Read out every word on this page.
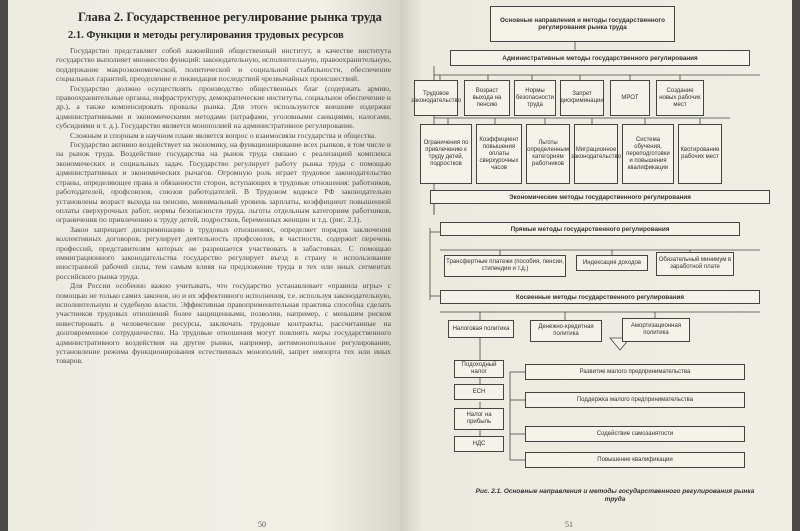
Глава 2. Государственное регулирование рынка труда
2.1. Функции и методы регулирования трудовых ресурсов

Государство представляет собой важнейший общественный институт, в качестве института государство выполняет множество функций: законодательную, исполнительную, правоохранительную, поддержание макроэкономической, политической и социальной стабильности, обеспечение социальных гарантий, преодоление и ликвидация последствий чрезвычайных происшествий.

Государство должно осуществлять производство общественных благ (содержать армию, правоохранительные органы, инфраструктуру, демократические институты, социальное обеспечение и др.), а также компенсировать провалы рынка. Для этого используются внешние издержки административными и экономическими методами (штрафами, уголовными санкциями, налогами, субсидиями и т. д.). Государство является монополией на административное регулирование.

Сложным и спорным в научном плане является вопрос о взаимосвязи государства и общества.

Государство активно воздействует на экономику, на функционирование всех рынков, в том числе и на рынок труда. Воздействие государства на рынок труда связано с реализацией комплекса экономических и социальных задач. Государство регулирует работу рынка труда с помощью административных и экономических рычагов. Огромную роль играет трудовое законодательство страны, определяющее права и обязанности сторон, вступающих в трудовые отношения: работников, работодателей, профсоюзов, союзов работодателей. В Трудовом кодексе РФ законодательно установлены возраст выхода на пенсию, минимальный уровень зарплаты, коэффициент повышенной оплаты сверхурочных работ, нормы безопасности труда, льготы отдельным категориям работников, ограничения по привлечению к труду детей, подростков, беременных женщин и т.д. (рис. 2.1).

Закон запрещает дискриминацию в трудовых отношениях, определяет порядок заключения коллективных договоров, регулирует деятельность профсоюзов, в частности, содержит перечень профессий, представителям которых не разрешается участвовать в забастовках. С помощью иммиграционного законодательства государство регулирует въезд в страну и использование иностранной рабочей силы, тем самым влияя на предложение труда в тех или иных сегментах российского рынка труда.

Для России особенно важно учитывать, что государство устанавливает «правила игры» с помощью не только самих законов, но и их эффективного исполнения, т.е. используя законодательную, исполнительную и судебную власти. Эффективная правоприменительная практика способна сделать участников трудовых отношений более защищенными, позволив, например, с меньшим риском инвестировать в человеческие ресурсы, заключать трудовые контракты, рассчитанные на долговременное сотрудничество. На трудовые отношения могут повлиять меры государственного административного воздействия на другие рынки, например, антимонопольное регулирование, установление режима функционирования естественных монополий, запрет импорта тех или иных товаров.

50
Основные направления и методы государственного регулирования рынка труда
Административные методы государственного регулирования
Трудовое законодательство
Возраст выхода на пенсию
Нормы безопасности труда
Запрет дискриминации
МРОТ
Создание новых рабочих мест
Ограничения по привлечению к труду детей, подростков
Коэффициент повышения оплаты сверхурочных часов
Льготы определенным категориям работников
Миграционное законодательство
Система обучения, переподготовки и повышения квалификации
Квотирование рабочих мест
Экономические методы государственного регулирования
Прямые методы государственного регулирования
Трансфертные платежи (пособия, пенсии, стипендии и т.д.)
Индексация доходов	Обязательный минимум в заработной плате
Косвенные методы государственного регулирования
Налоговая политика	Денежно-кредитная политика
Амортизационная политика
Подоходный налог
ЕСН
Налог на прибыль
НДС
Развитие малого предпринимательства
Поддержка малого предпринимательства
Содействие самозанятости
Повышение квалификации
Рис. 2.1. Основные направления и методы государственного регулирования рынка труда
51
